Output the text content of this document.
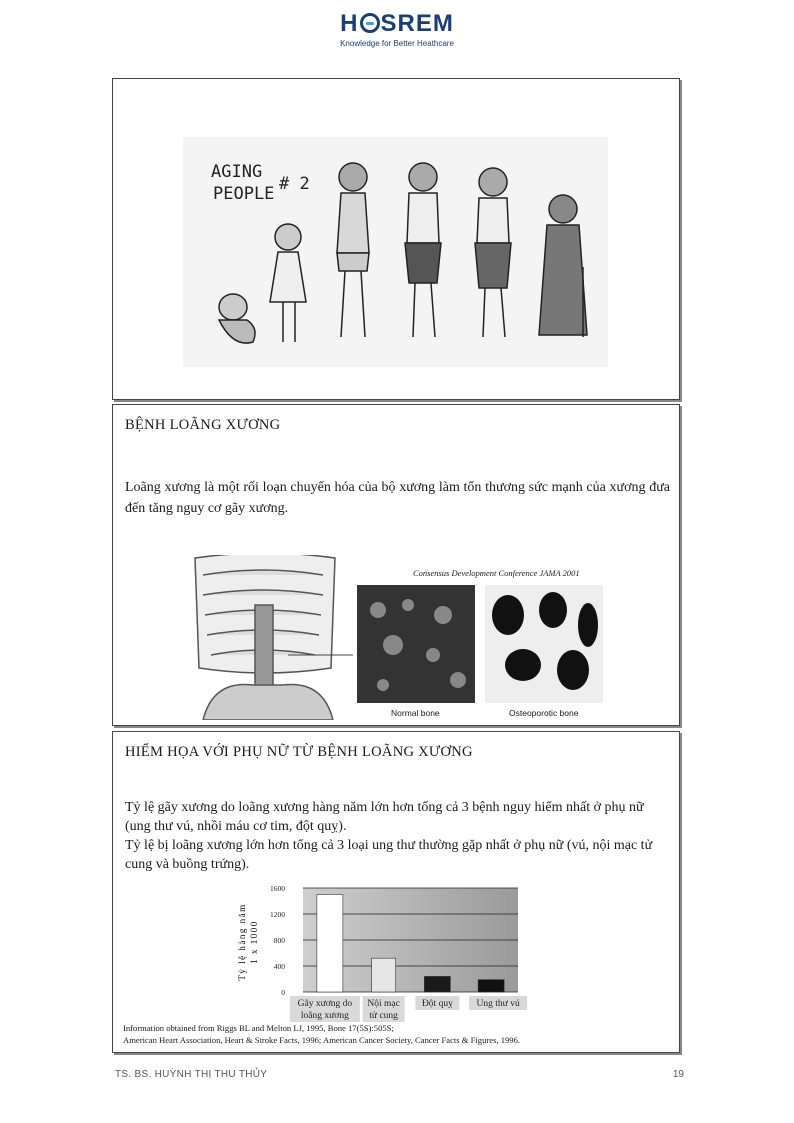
H SREM
Knowledge for Better Heathcare
AGING
PEOPLE # 2
BỆNH LOÃNG XƯƠNG
Loãng xương là một rối loạn chuyển hóa của bộ xương làm tổn thương sức mạnh của xương đưa đến tăng nguy cơ gãy xương.
Consensus Development Conference JAMA 2001
Normal bone	Osteoporotic bone
HIỂM HỌA VỚI PHỤ NỮ TỪ BỆNH LOÃNG XƯƠNG
Tỷ lệ gãy xương do loãng xương hàng năm lớn hơn tổng cả 3 bệnh nguy hiểm nhất ở phụ nữ (ung thư vú, nhồi máu cơ tim, đột quỵ).
Tỷ lệ bị loãng xương lớn hơn tổng cả 3 loại ung thư thường gặp nhất ở phụ nữ (vú, nội mạc tử cung và buồng trứng).
0
400
800
1200
1600
Gãy xương do
loãng xương
Nội mạc
tử cung
Đột quỵ Ung thư vú
Tỷ lệ hàng năm 1 x 1000
Information obtained from Riggs BL and Melton LJ, 1995, Bone 17(5S):505S;
American Heart Association, Heart & Stroke Facts, 1996; American Cancer Society, Cancer Facts & Figures, 1996.
TS. BS. HUỲNH THỊ THU THỦY	19
